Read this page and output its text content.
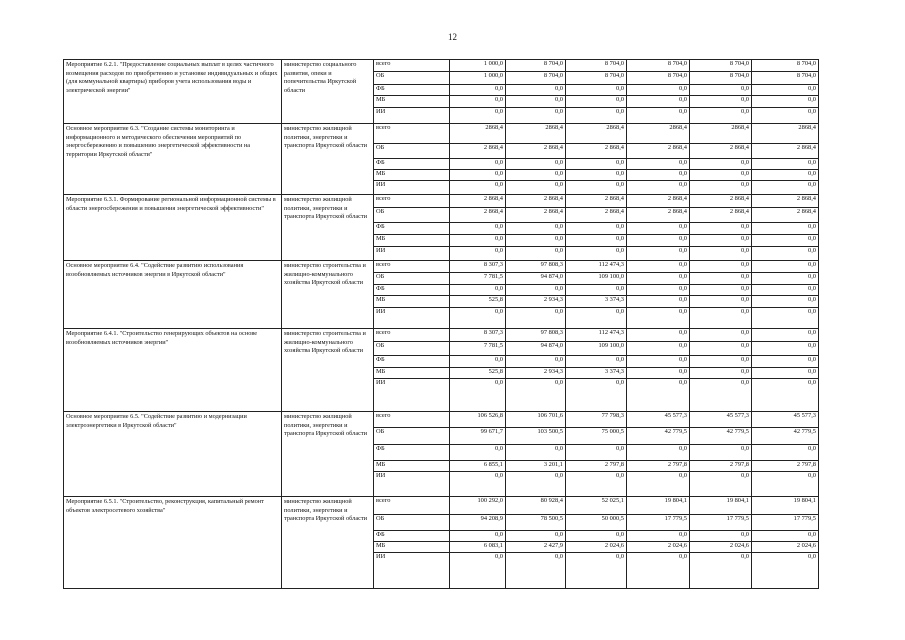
12
Мероприятие 6.2.1. "Предоставление социальных выплат в целях частичного возмещения расходов по приобретению и установке индивидуальных и общих (для коммунальной квартиры) приборов учета использования воды и электрической энергии"	министерство социального развития, опеки и попечительства Иркутской области	всего	1 000,0	8 704,0	8 704,0	8 704,0	8 704,0	8 704,0
		ОБ	1 000,0	8 704,0	8 704,0	8 704,0	8 704,0	8 704,0
		ФБ	0,0	0,0	0,0	0,0	0,0	0,0
		МБ	0,0	0,0	0,0	0,0	0,0	0,0
		ИИ	0,0	0,0	0,0	0,0	0,0	0,0
Основное мероприятие 6.3. "Создание системы мониторинга и информационного и методического обеспечения мероприятий по энергосбережению и повышению энергетической эффективности на территории Иркутской области"	министерство жилищной политики, энергетики и транспорта Иркутской области	всего	2868,4	2868,4	2868,4	2868,4	2868,4	2868,4
		ОБ	2 868,4	2 868,4	2 868,4	2 868,4	2 868,4	2 868,4
		ФБ	0,0	0,0	0,0	0,0	0,0	0,0
		МБ	0,0	0,0	0,0	0,0	0,0	0,0
		ИИ	0,0	0,0	0,0	0,0	0,0	0,0
Мероприятие 6.3.1. Формирование региональной информационной системы в области энергосбережения и повышения энергетической эффективности"	министерство жилищной политики, энергетики и транспорта Иркутской области	всего	2 868,4	2 868,4	2 868,4	2 868,4	2 868,4	2 868,4
		ОБ	2 868,4	2 868,4	2 868,4	2 868,4	2 868,4	2 868,4
		ФБ	0,0	0,0	0,0	0,0	0,0	0,0
		МБ	0,0	0,0	0,0	0,0	0,0	0,0
		ИИ	0,0	0,0	0,0	0,0	0,0	0,0
Основное мероприятие 6.4. "Содействие развитию использования возобновляемых источников энергии в Иркутской области"	министерство строительства и жилищно-коммунального хозяйства Иркутской области	всего	8 307,3	97 808,3	112 474,3	0,0	0,0	0,0
		ОБ	7 781,5	94 874,0	109 100,0	0,0	0,0	0,0
		ФБ	0,0	0,0	0,0	0,0	0,0	0,0
		МБ	525,8	2 934,3	3 374,3	0,0	0,0	0,0
		ИИ	0,0	0,0	0,0	0,0	0,0	0,0
Мероприятие 6.4.1. "Строительство генерирующих объектов на основе возобновляемых источников энергии"	министерство строительства и жилищно-коммунального хозяйства Иркутской области	всего	8 307,3	97 808,3	112 474,3	0,0	0,0	0,0
		ОБ	7 781,5	94 874,0	109 100,0	0,0	0,0	0,0
		ФБ	0,0	0,0	0,0	0,0	0,0	0,0
		МБ	525,8	2 934,3	3 374,3	0,0	0,0	0,0
		ИИ	0,0	0,0	0,0	0,0	0,0	0,0
Основное мероприятие 6.5. "Содействие развитию и модернизации электроэнергетики в Иркутской области"	министерство жилищной политики, энергетики и транспорта Иркутской области	всего	106 526,8	106 701,6	77 798,3	45 577,3	45 577,3	45 577,3
		ОБ	99 671,7	103 500,5	75 000,5	42 779,5	42 779,5	42 779,5
		ФБ	0,0	0,0	0,0	0,0	0,0	0,0
		МБ	6 855,1	3 201,1	2 797,8	2 797,8	2 797,8	2 797,8
		ИИ	0,0	0,0	0,0	0,0	0,0	0,0
Мероприятие 6.5.1. "Строительство, реконструкция, капитальный ремонт объектов электросетевого хозяйства"	министерство жилищной политики, энергетики и транспорта Иркутской области	всего	100 292,0	80 928,4	52 025,1	19 804,1	19 804,1	19 804,1
		ОБ	94 208,9	78 500,5	50 000,5	17 779,5	17 779,5	17 779,5
		ФБ	0,0	0,0	0,0	0,0	0,0	0,0
		МБ	6 083,1	2 427,9	2 024,6	2 024,6	2 024,6	2 024,6
		ИИ	0,0	0,0	0,0	0,0	0,0	0,0
